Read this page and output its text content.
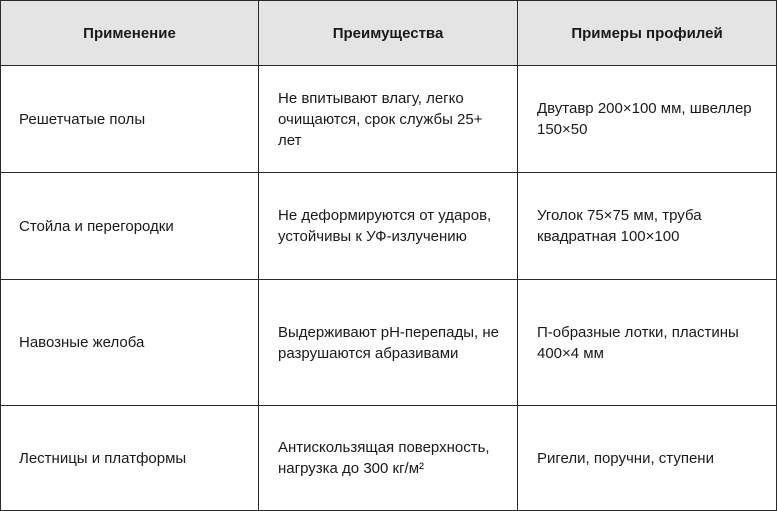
Применение	Преимущества	Примеры профилей
Решетчатые полы	Не впитывают влагу, легко очищаются, срок службы 25+ лет	Двутавр 200×100 мм, швеллер 150×50
Стойла и перегородки	Не деформируются от ударов, устойчивы к УФ-излучению	Уголок 75×75 мм, труба квадратная 100×100
Навозные желоба	Выдерживают pH-перепады, не разрушаются абразивами	П-образные лотки, пластины 400×4 мм
Лестницы и платформы	Антискользящая поверхность, нагрузка до 300 кг/м²	Ригели, поручни, ступени
